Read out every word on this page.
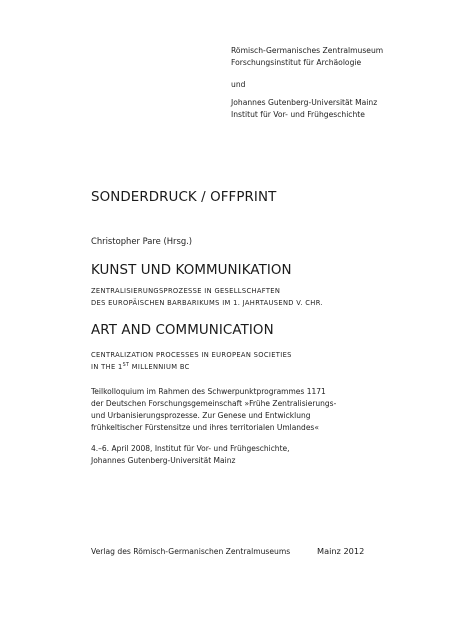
Römisch-Germanisches Zentralmuseum

Forschungsinstitut für Archäologie

und

Johannes Gutenberg-Universität Mainz

Institut für Vor- und Frühgeschichte

SONDERDRUCK / OFFPRINT

Christopher Pare (Hrsg.)

KUNST UND KOMMUNIKATION

ZENTRALISIERUNGSPROZESSE IN GESELLSCHAFTEN

DES EUROPÄISCHEN BARBARIKUMS IM 1. JAHRTAUSEND V. CHR.

ART AND COMMUNICATION

CENTRALIZATION PROCESSES IN EUROPEAN SOCIETIES

IN THE 1ST MILLENNIUM BC

Teilkolloquium im Rahmen des Schwerpunktprogrammes 1171

der Deutschen Forschungsgemeinschaft »Frühe Zentralisierungs-

und Urbanisierungsprozesse. Zur Genese und Entwicklung

frühkeltischer Fürstensitze und ihres territorialen Umlandes«

4.–6. April 2008, Institut für Vor- und Frühgeschichte,

Johannes Gutenberg-Universität Mainz

Verlag des Römisch-Germanischen Zentralmuseums	Mainz 2012
